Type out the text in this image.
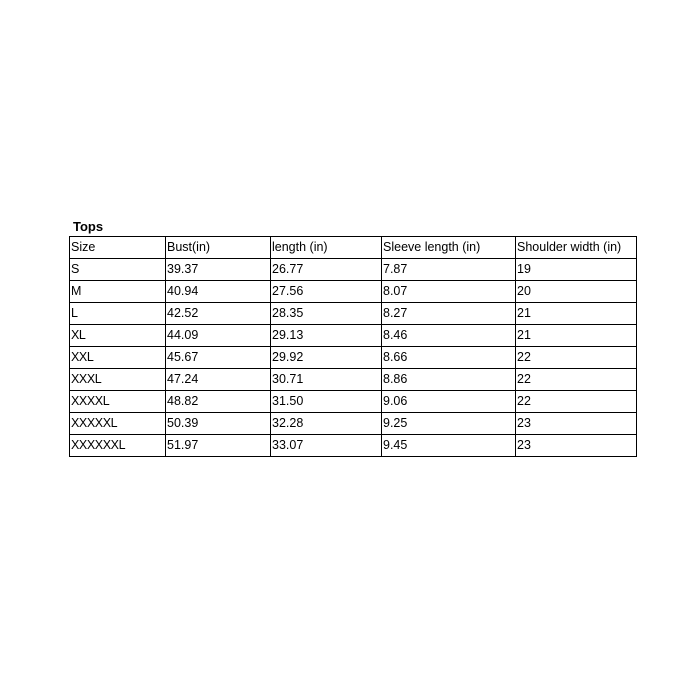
Tops
Size	Bust(in)	length (in)	Sleeve length (in)	Shoulder width (in)
S	39.37	26.77	7.87	19
M	40.94	27.56	8.07	20
L	42.52	28.35	8.27	21
XL	44.09	29.13	8.46	21
XXL	45.67	29.92	8.66	22
XXXL	47.24	30.71	8.86	22
XXXXL	48.82	31.50	9.06	22
XXXXXL	50.39	32.28	9.25	23
XXXXXXL	51.97	33.07	9.45	23
